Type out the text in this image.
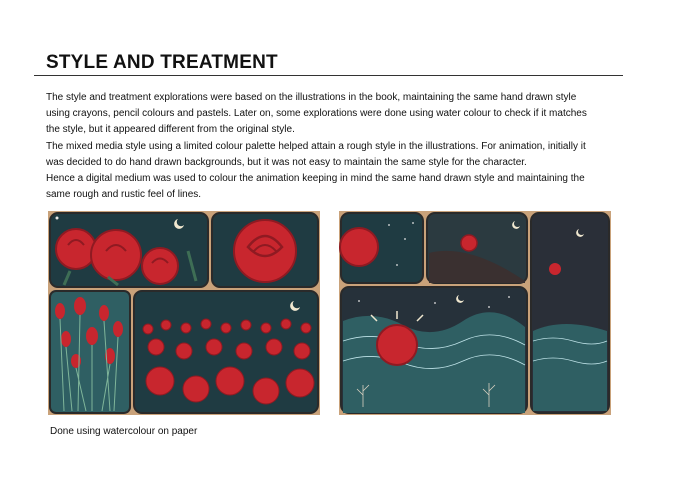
STYLE AND TREATMENT

The style and treatment explorations were based on the illustrations in the book, maintaining the same hand drawn style

using crayons, pencil colours and pastels. Later on, some explorations were done using water colour to check if it matches

the style, but it appeared different from the original style.

The mixed media style using a limited colour palette helped attain a rough style in the illustrations. For animation, initially it

was decided to do hand drawn backgrounds, but it was not easy to maintain the same style for the character.

Hence a digital medium was used to colour the animation keeping in mind the same hand drawn style and maintaining the

same rough and rustic feel of lines.

Done using watercolour on paper
